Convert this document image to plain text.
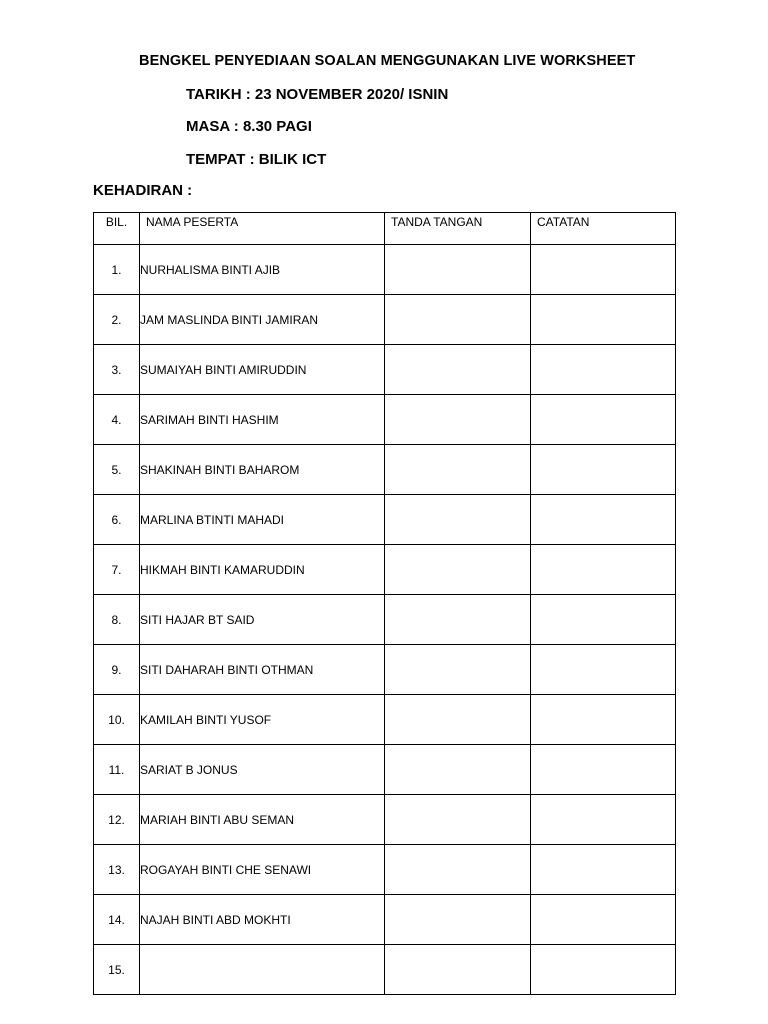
BENGKEL PENYEDIAAN SOALAN MENGGUNAKAN LIVE WORKSHEET
TARIKH : 23 NOVEMBER 2020/ ISNIN
MASA : 8.30 PAGI
TEMPAT : BILIK ICT
KEHADIRAN :
BIL.	NAMA PESERTA	TANDA TANGAN	CATATAN
1.	NURHALISMA BINTI AJIB		
2.	JAM MASLINDA BINTI JAMIRAN		
3.	SUMAIYAH BINTI AMIRUDDIN		
4.	SARIMAH BINTI HASHIM		
5.	SHAKINAH BINTI BAHAROM		
6.	MARLINA BTINTI MAHADI		
7.	HIKMAH BINTI KAMARUDDIN		
8.	SITI HAJAR BT SAID		
9.	SITI DAHARAH BINTI OTHMAN		
10.	KAMILAH BINTI YUSOF		
11.	SARIAT B JONUS		
12.	MARIAH BINTI ABU SEMAN		
13.	ROGAYAH BINTI CHE SENAWI		
14.	NAJAH BINTI ABD MOKHTI		
15.			
